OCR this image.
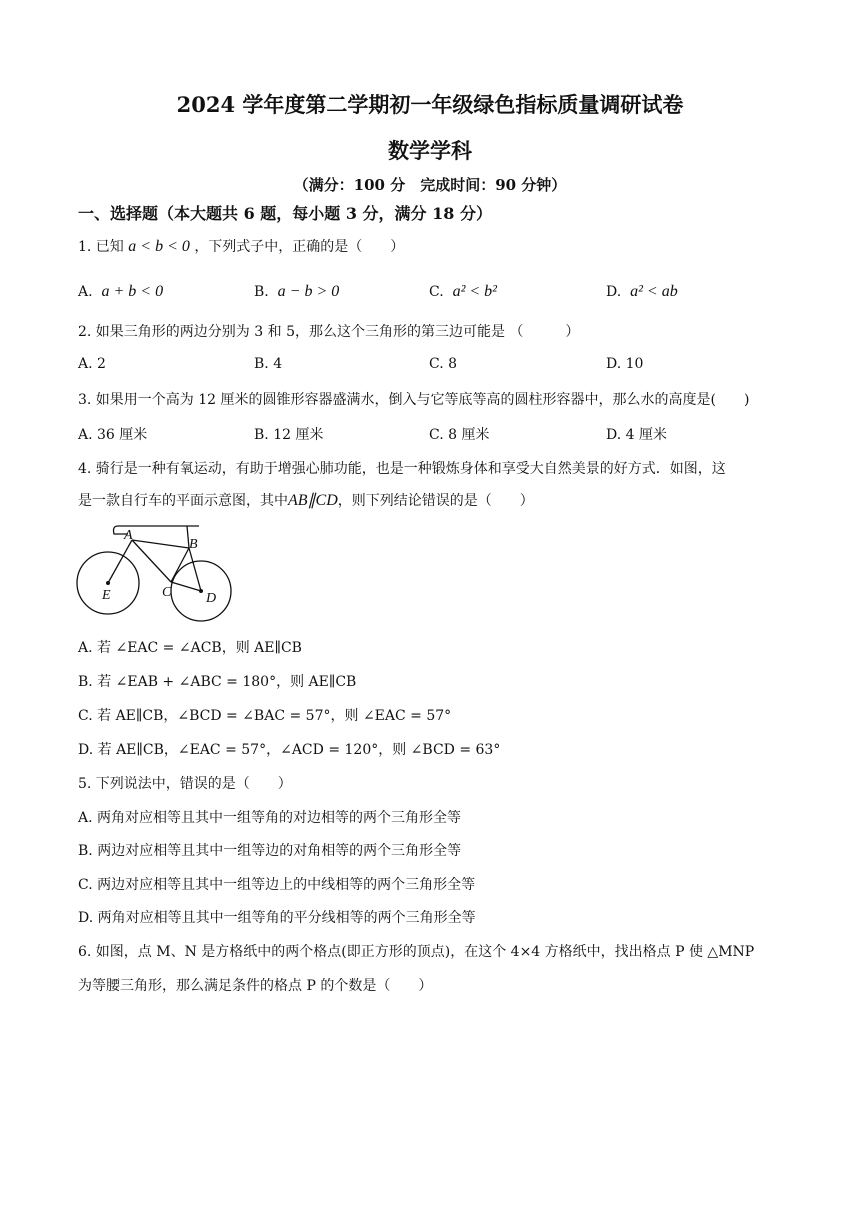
2024 学年度第二学期初一年级绿色指标质量调研试卷
数学学科
（满分：100 分　完成时间：90 分钟）
一、选择题（本大题共 6 题，每小题 3 分，满分 18 分）
1. 已知 a < b < 0 ，下列式子中，正确的是（　　）
A. a + b < 0	B. a − b > 0	C. a² < b²	D. a² < ab
2. 如果三角形的两边分别为 3 和 5，那么这个三角形的第三边可能是 （　　　）
A. 2	B. 4	C. 8	D. 10
3. 如果用一个高为 12 厘米的圆锥形容器盛满水，倒入与它等底等高的圆柱形容器中，那么水的高度是(　　)
A. 36 厘米	B. 12 厘米	C. 8 厘米	D. 4 厘米
4. 骑行是一种有氧运动，有助于增强心肺功能，也是一种锻炼身体和享受大自然美景的好方式．如图，这
是一款自行车的平面示意图，其中AB∥CD，则下列结论错误的是（　　）
A
B
C D
E
A. 若 ∠EAC = ∠ACB，则 AE∥CB
B. 若 ∠EAB + ∠ABC = 180°，则 AE∥CB
C. 若 AE∥CB，∠BCD = ∠BAC = 57°，则 ∠EAC = 57°
D. 若 AE∥CB，∠EAC = 57°，∠ACD = 120°，则 ∠BCD = 63°
5. 下列说法中，错误的是（　　）
A. 两角对应相等且其中一组等角的对边相等的两个三角形全等
B. 两边对应相等且其中一组等边的对角相等的两个三角形全等
C. 两边对应相等且其中一组等边上的中线相等的两个三角形全等
D. 两角对应相等且其中一组等角的平分线相等的两个三角形全等
6. 如图，点 M、N 是方格纸中的两个格点(即正方形的顶点)，在这个 4×4 方格纸中，找出格点 P 使 △MNP
为等腰三角形，那么满足条件的格点 P 的个数是（　　）
